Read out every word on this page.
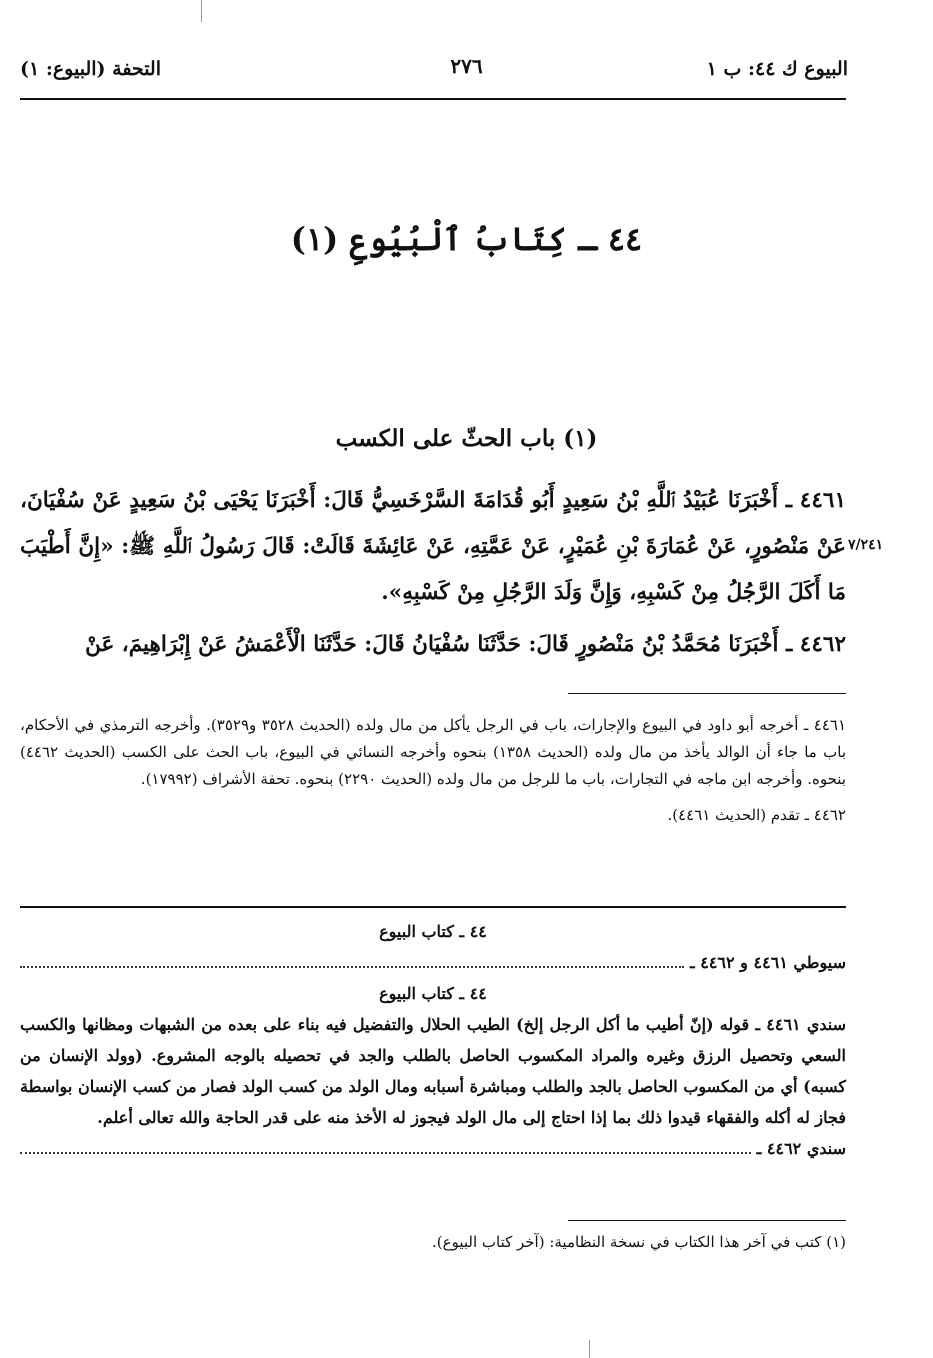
البيوع ك ٤٤: ب ١
٢٧٦
التحفة (البيوع: ١)
٤٤ ـ كِتَابُ ٱلْبُيُوعِ (١)
(١) باب الحثّ على الكسب

٤٤٦١ ـ أَخْبَرَنَا عُبَيْدُ ٱللَّهِ بْنُ سَعِيدٍ أَبُو قُدَامَةَ السَّرْخَسِيُّ قَالَ: أَخْبَرَنَا يَحْيَى بْنُ سَعِيدٍ عَنْ سُفْيَانَ، عَنْ مَنْصُورٍ، عَنْ عُمَارَةَ بْنِ عُمَيْرٍ، عَنْ عَمَّتِهِ، عَنْ عَائِشَةَ قَالَتْ: قَالَ رَسُولُ ٱللَّهِ ﷺ: «إِنَّ أَطْيَبَ مَا أَكَلَ الرَّجُلُ مِنْ كَسْبِهِ، وَإِنَّ وَلَدَ الرَّجُلِ مِنْ كَسْبِهِ».

٤٤٦٢ ـ أَخْبَرَنَا مُحَمَّدُ بْنُ مَنْصُورٍ قَالَ: حَدَّثَنَا سُفْيَانُ قَالَ: حَدَّثَنَا الْأَعْمَشُ عَنْ إِبْرَاهِيمَ، عَنْ

٧/٢٤١

٤٤٦١ ـ أخرجه أبو داود في البيوع والإجارات، باب في الرجل يأكل من مال ولده (الحديث ٣٥٢٨ و٣٥٢٩). وأخرجه الترمذي في الأحكام، باب ما جاء أن الوالد يأخذ من مال ولده (الحديث ١٣٥٨) بنحوه وأخرجه النسائي في البيوع، باب الحث على الكسب (الحديث ٤٤٦٢) بنحوه. وأخرجه ابن ماجه في التجارات، باب ما للرجل من مال ولده (الحديث ٢٢٩٠) بنحوه. تحفة الأشراف (١٧٩٩٢).

٤٤٦٢ ـ تقدم (الحديث ٤٤٦١).

٤٤ ـ كتاب البيوع
سيوطي ٤٤٦١ و ٤٤٦٢ ـ
٤٤ ـ كتاب البيوع
سندي ٤٤٦١ ـ قوله (إنّ أطيب ما أكل الرجل إلخ) الطيب الحلال والتفضيل فيه بناء على بعده من الشبهات ومظانها والكسب السعي وتحصيل الرزق وغيره والمراد المكسوب الحاصل بالطلب والجد في تحصيله بالوجه المشروع. (وولد الإنسان من كسبه) أي من المكسوب الحاصل بالجد والطلب ومباشرة أسبابه ومال الولد من كسب الولد فصار من كسب الإنسان بواسطة فجاز له أكله والفقهاء قيدوا ذلك بما إذا احتاج إلى مال الولد فيجوز له الأخذ منه على قدر الحاجة والله تعالى أعلم.
سندي ٤٤٦٢ ـ
(١) كتب في آخر هذا الكتاب في نسخة النظامية: (آخر كتاب البيوع).
